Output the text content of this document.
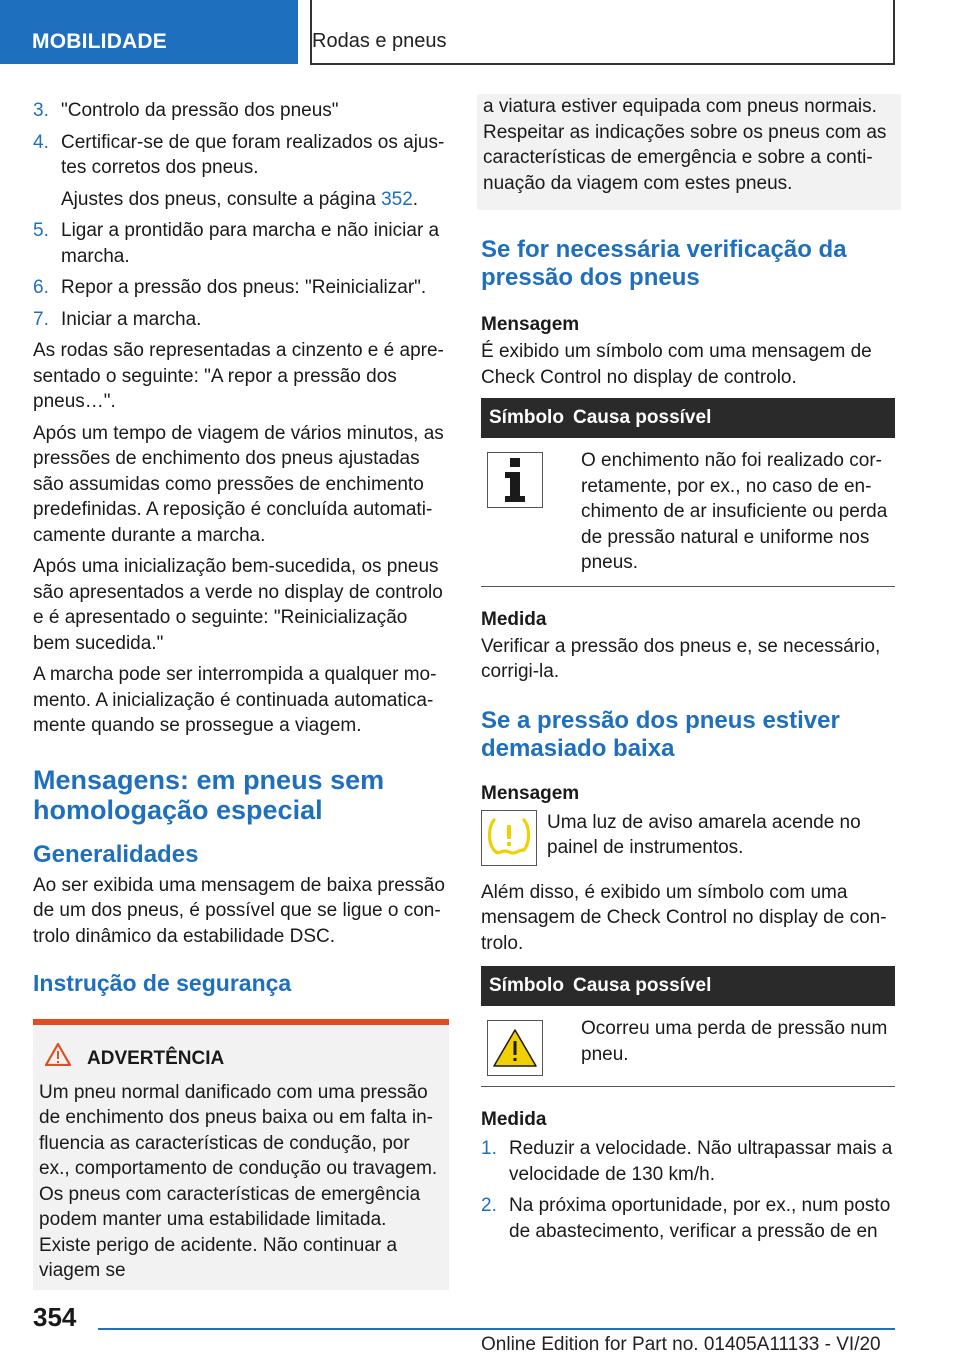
MOBILIDADE	Rodas e pneus
3. "Controlo da pressão dos pneus"
4. Certificar-se de que foram realizados os ajustes corretos dos pneus.
Ajustes dos pneus, consulte a página 352.
5. Ligar a prontidão para marcha e não iniciar a marcha.
6. Repor a pressão dos pneus: "Reinicializar".
7. Iniciar a marcha.

As rodas são representadas a cinzento e é apresentado o seguinte: "A repor a pressão dos pneus…".

Após um tempo de viagem de vários minutos, as pressões de enchimento dos pneus ajustadas são assumidas como pressões de enchimento predefinidas. A reposição é concluída automaticamente durante a marcha.

Após uma inicialização bem-sucedida, os pneus são apresentados a verde no display de controlo e é apresentado o seguinte: "Reinicialização bem sucedida."

A marcha pode ser interrompida a qualquer momento. A inicialização é continuada automaticamente quando se prossegue a viagem.

Mensagens: em pneus sem homologação especial
Generalidades

Ao ser exibida uma mensagem de baixa pressão de um dos pneus, é possível que se ligue o controlo dinâmico da estabilidade DSC.

Instrução de segurança
ADVERTÊNCIA
Um pneu normal danificado com uma pressão de enchimento dos pneus baixa ou em falta influencia as características de condução, por ex., comportamento de condução ou travagem. Os pneus com características de emergência podem manter uma estabilidade limitada. Existe perigo de acidente. Não continuar a viagem se
a viatura estiver equipada com pneus normais. Respeitar as indicações sobre os pneus com as características de emergência e sobre a continuação da viagem com estes pneus.
Se for necessária verificação da pressão dos pneus
Mensagem

É exibido um símbolo com uma mensagem de Check Control no display de controlo.

Símbolo Causa possível
O enchimento não foi realizado corretamente, por ex., no caso de enchimento de ar insuficiente ou perda de pressão natural e uniforme nos pneus.
Medida

Verificar a pressão dos pneus e, se necessário, corrigi-la.

Se a pressão dos pneus estiver demasiado baixa
Mensagem
Uma luz de aviso amarela acende no painel de instrumentos.

Além disso, é exibido um símbolo com uma mensagem de Check Control no display de controlo.

Símbolo Causa possível
Ocorreu uma perda de pressão num pneu.
Medida
1. Reduzir a velocidade. Não ultrapassar mais a velocidade de 130 km/h.
2. Na próxima oportunidade, por ex., num posto de abastecimento, verificar a pressão de en
354
Online Edition for Part no. 01405A11133 - VI/20
